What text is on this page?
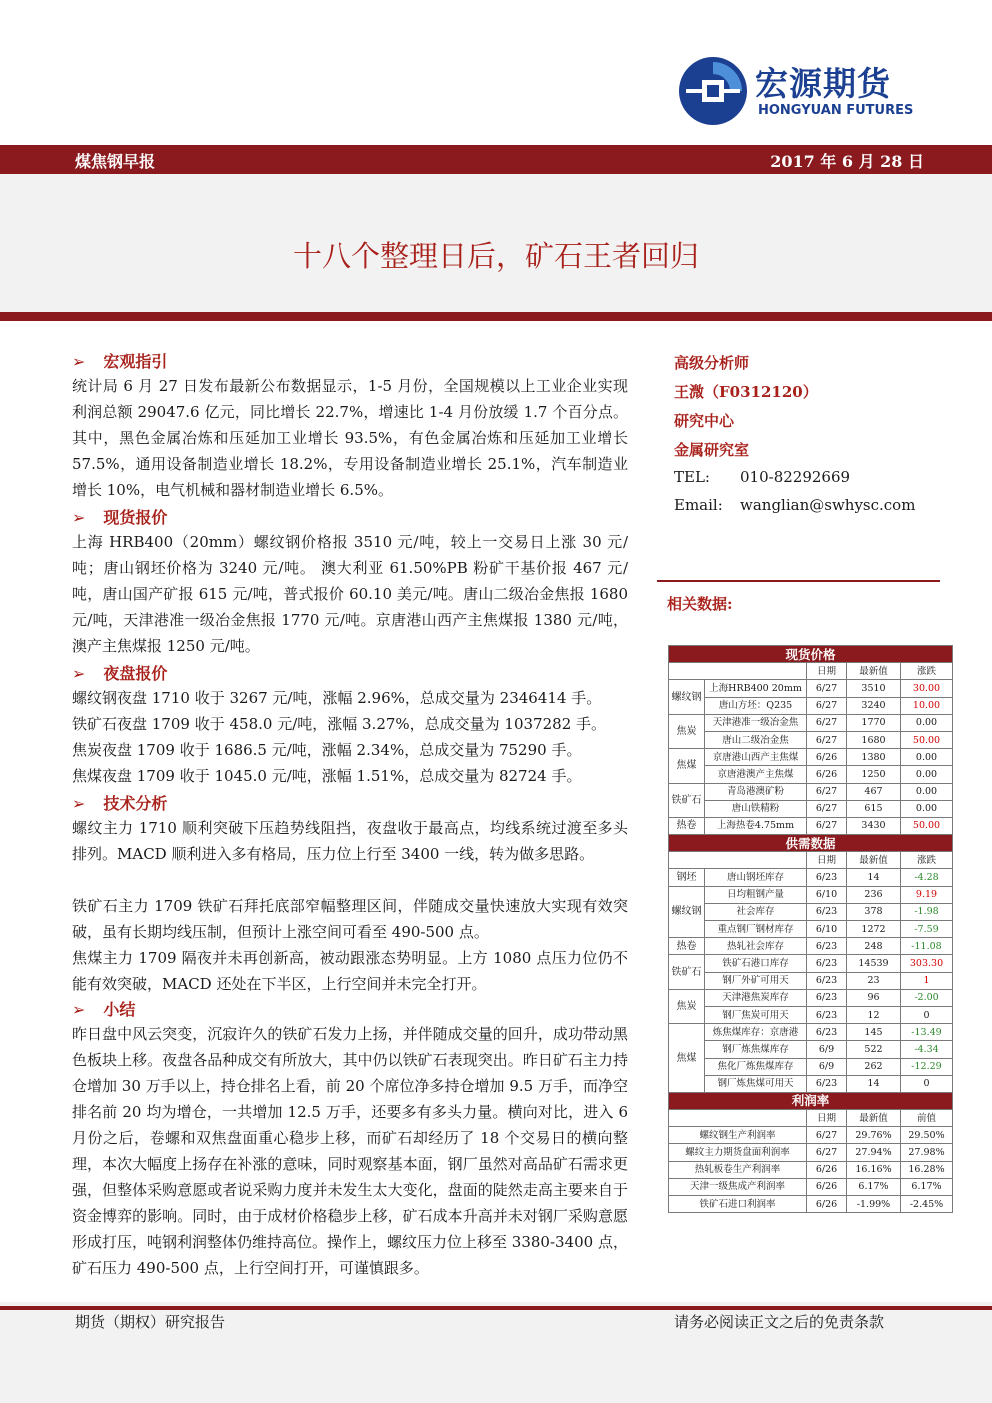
宏源期货
HONGYUAN FUTURES
煤焦钢早报	2017 年 6 月 28 日
十八个整理日后，矿石王者回归
➢ 宏观指引
统计局 6 月 27 日发布最新公布数据显示，1-5 月份，全国规模以上工业企业实现利润总额 29047.6 亿元，同比增长 22.7%，增速比 1-4 月份放缓 1.7 个百分点。其中，黑色金属冶炼和压延加工业增长 93.5%，有色金属冶炼和压延加工业增长 57.5%，通用设备制造业增长 18.2%，专用设备制造业增长 25.1%，汽车制造业增长 10%，电气机械和器材制造业增长 6.5%。
➢ 现货报价
上海 HRB400（20mm）螺纹钢价格报 3510 元/吨，较上一交易日上涨 30 元/吨；唐山钢坯价格为 3240 元/吨。 澳大利亚 61.50%PB 粉矿干基价报 467 元/吨，唐山国产矿报 615 元/吨，普式报价 60.10 美元/吨。唐山二级冶金焦报 1680 元/吨，天津港准一级冶金焦报 1770 元/吨。京唐港山西产主焦煤报 1380 元/吨，澳产主焦煤报 1250 元/吨。
➢ 夜盘报价
螺纹钢夜盘 1710 收于 3267 元/吨，涨幅 2.96%，总成交量为 2346414 手。
铁矿石夜盘 1709 收于 458.0 元/吨，涨幅 3.27%，总成交量为 1037282 手。
焦炭夜盘 1709 收于 1686.5 元/吨，涨幅 2.34%，总成交量为 75290 手。
焦煤夜盘 1709 收于 1045.0 元/吨，涨幅 1.51%，总成交量为 82724 手。
➢ 技术分析
螺纹主力 1710 顺利突破下压趋势线阻挡，夜盘收于最高点，均线系统过渡至多头排列。MACD 顺利进入多有格局，压力位上行至 3400 一线，转为做多思路。
铁矿石主力 1709 铁矿石拜托底部窄幅整理区间，伴随成交量快速放大实现有效突破，虽有长期均线压制，但预计上涨空间可看至 490-500 点。
焦煤主力 1709 隔夜并未再创新高，被动跟涨态势明显。上方 1080 点压力位仍不能有效突破，MACD 还处在下半区，上行空间并未完全打开。
➢ 小结
昨日盘中风云突变，沉寂许久的铁矿石发力上扬，并伴随成交量的回升，成功带动黑色板块上移。夜盘各品种成交有所放大，其中仍以铁矿石表现突出。昨日矿石主力持仓增加 30 万手以上，持仓排名上看，前 20 个席位净多持仓增加 9.5 万手，而净空排名前 20 均为增仓，一共增加 12.5 万手，还要多有多头力量。横向对比，进入 6 月份之后，卷螺和双焦盘面重心稳步上移，而矿石却经历了 18 个交易日的横向整理，本次大幅度上扬存在补涨的意味，同时观察基本面，钢厂虽然对高品矿石需求更强，但整体采购意愿或者说采购力度并未发生太大变化，盘面的陡然走高主要来自于资金博弈的影响。同时，由于成材价格稳步上移，矿石成本升高并未对钢厂采购意愿形成打压，吨钢利润整体仍维持高位。操作上，螺纹压力位上移至 3380-3400 点，矿石压力 490-500 点，上行空间打开，可谨慎跟多。
高级分析师
王溦（F0312120）
研究中心
金属研究室
TEL: 010-82292669
Email: wanglian@swhysc.com
相关数据:
现货价格				
		日期	最新值	涨跌
螺纹钢	上海HRB400 20mm	6/27	3510	30.00
	唐山方坯：Q235	6/27	3240	10.00
焦炭	天津港准一级冶金焦	6/27	1770	0.00
	唐山二级冶金焦	6/27	1680	50.00
焦煤	京唐港山西产主焦煤	6/26	1380	0.00
	京唐港澳产主焦煤	6/26	1250	0.00
铁矿石	青岛港澳矿粉	6/27	467	0.00
	唐山铁精粉	6/27	615	0.00
热卷	上海热卷4.75mm	6/27	3430	50.00
供需数据				
		日期	最新值	涨跌
钢坯	唐山钢坯库存	6/23	14	-4.28
螺纹钢	日均粗钢产量	6/10	236	9.19
	社会库存	6/23	378	-1.98
	重点钢厂钢材库存	6/10	1272	-7.59
热卷	热轧社会库存	6/23	248	-11.08
铁矿石	铁矿石港口库存	6/23	14539	303.30
	钢厂外矿可用天	6/23	23	1
焦炭	天津港焦炭库存	6/23	96	-2.00
	钢厂焦炭可用天	6/23	12	0
焦煤	炼焦煤库存：京唐港	6/23	145	-13.49
	钢厂炼焦煤库存	6/9	522	-4.34
	焦化厂炼焦煤库存	6/9	262	-12.29
	钢厂炼焦煤可用天	6/23	14	0
利润率				
		日期	最新值	前值
螺纹钢生产利润率		6/27	29.76%	29.50%
螺纹主力期货盘面利润率		6/27	27.94%	27.98%
热轧板卷生产利润率		6/26	16.16%	16.28%
天津一级焦成产利润率		6/26	6.17%	6.17%
铁矿石进口利润率		6/26	-1.99%	-2.45%
期货（期权）研究报告	请务必阅读正文之后的免责条款
